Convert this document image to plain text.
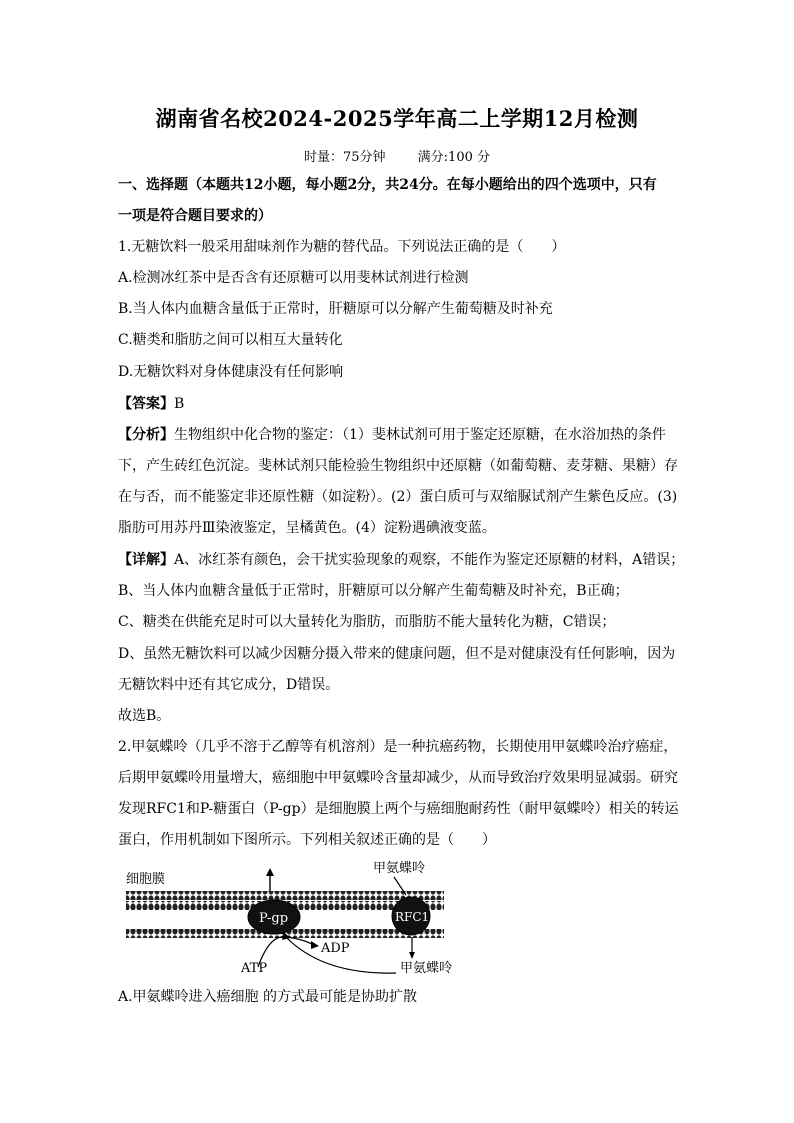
湖南省名校2024-2025学年高二上学期12月检测
时量：75分钟 满分:100 分
一、选择题（本题共12小题，每小题2分，共24分。在每小题给出的四个选项中，只有
一项是符合题目要求的）
1.无糖饮料一般采用甜味剂作为糖的替代品。下列说法正确的是（　　）
A.检测冰红茶中是否含有还原糖可以用斐林试剂进行检测
B.当人体内血糖含量低于正常时，肝糖原可以分解产生葡萄糖及时补充
C.糖类和脂肪之间可以相互大量转化
D.无糖饮料对身体健康没有任何影响
【答案】B
【分析】生物组织中化合物的鉴定：（1）斐林试剂可用于鉴定还原糖，在水浴加热的条件
下，产生砖红色沉淀。斐林试剂只能检验生物组织中还原糖（如葡萄糖、麦芽糖、果糖）存
在与否，而不能鉴定非还原性糖（如淀粉）。(2）蛋白质可与双缩脲试剂产生紫色反应。(3)
脂肪可用苏丹Ⅲ染液鉴定，呈橘黄色。(4）淀粉遇碘液变蓝。
【详解】A、冰红茶有颜色，会干扰实验现象的观察，不能作为鉴定还原糖的材料，A错误；
B、当人体内血糖含量低于正常时，肝糖原可以分解产生葡萄糖及时补充，B正确；
C、糖类在供能充足时可以大量转化为脂肪，而脂肪不能大量转化为糖，C错误；
D、虽然无糖饮料可以减少因糖分摄入带来的健康问题，但不是对健康没有任何影响，因为
无糖饮料中还有其它成分，D错误。
故选B。
2.甲氨蝶呤（几乎不溶于乙醇等有机溶剂）是一种抗癌药物，长期使用甲氨蝶呤治疗癌症，
后期甲氨蝶呤用量增大，癌细胞中甲氨蝶呤含量却减少，从而导致治疗效果明显减弱。研究
发现RFC1和P-糖蛋白（P-gp）是细胞膜上两个与癌细胞耐药性（耐甲氨蝶呤）相关的转运
蛋白，作用机制如下图所示。下列相关叙述正确的是（　　）
细胞膜
甲氨蝶呤
P-gp	RFC1
ADP
ATP	甲氨蝶呤
A.甲氨蝶呤进入癌细胞 的方式最可能是协助扩散
